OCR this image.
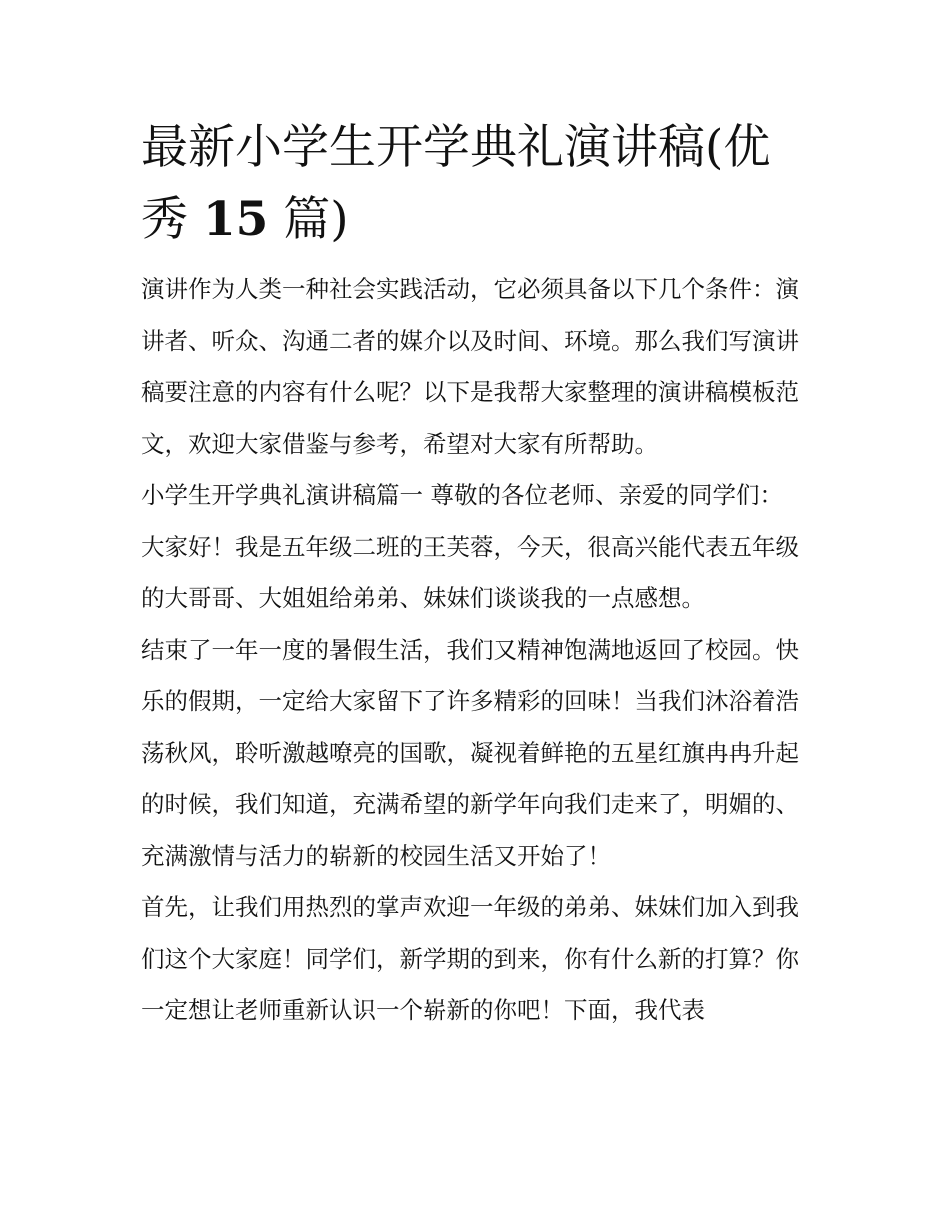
最新小学生开学典礼演讲稿(优
秀 15 篇)

演讲作为人类一种社会实践活动，它必须具备以下几个条件：演讲者、听众、沟通二者的媒介以及时间、环境。那么我们写演讲稿要注意的内容有什么呢？以下是我帮大家整理的演讲稿模板范文，欢迎大家借鉴与参考，希望对大家有所帮助。

小学生开学典礼演讲稿篇一 尊敬的各位老师、亲爱的同学们：

大家好！我是五年级二班的王芙蓉，今天，很高兴能代表五年级的大哥哥、大姐姐给弟弟、妹妹们谈谈我的一点感想。

结束了一年一度的暑假生活，我们又精神饱满地返回了校园。快乐的假期，一定给大家留下了许多精彩的回味！当我们沐浴着浩荡秋风，聆听激越嘹亮的国歌，凝视着鲜艳的五星红旗冉冉升起的时候，我们知道，充满希望的新学年向我们走来了，明媚的、充满激情与活力的崭新的校园生活又开始了！

首先，让我们用热烈的掌声欢迎一年级的弟弟、妹妹们加入到我们这个大家庭！同学们，新学期的到来，你有什么新的打算？你一定想让老师重新认识一个崭新的你吧！下面，我代表
